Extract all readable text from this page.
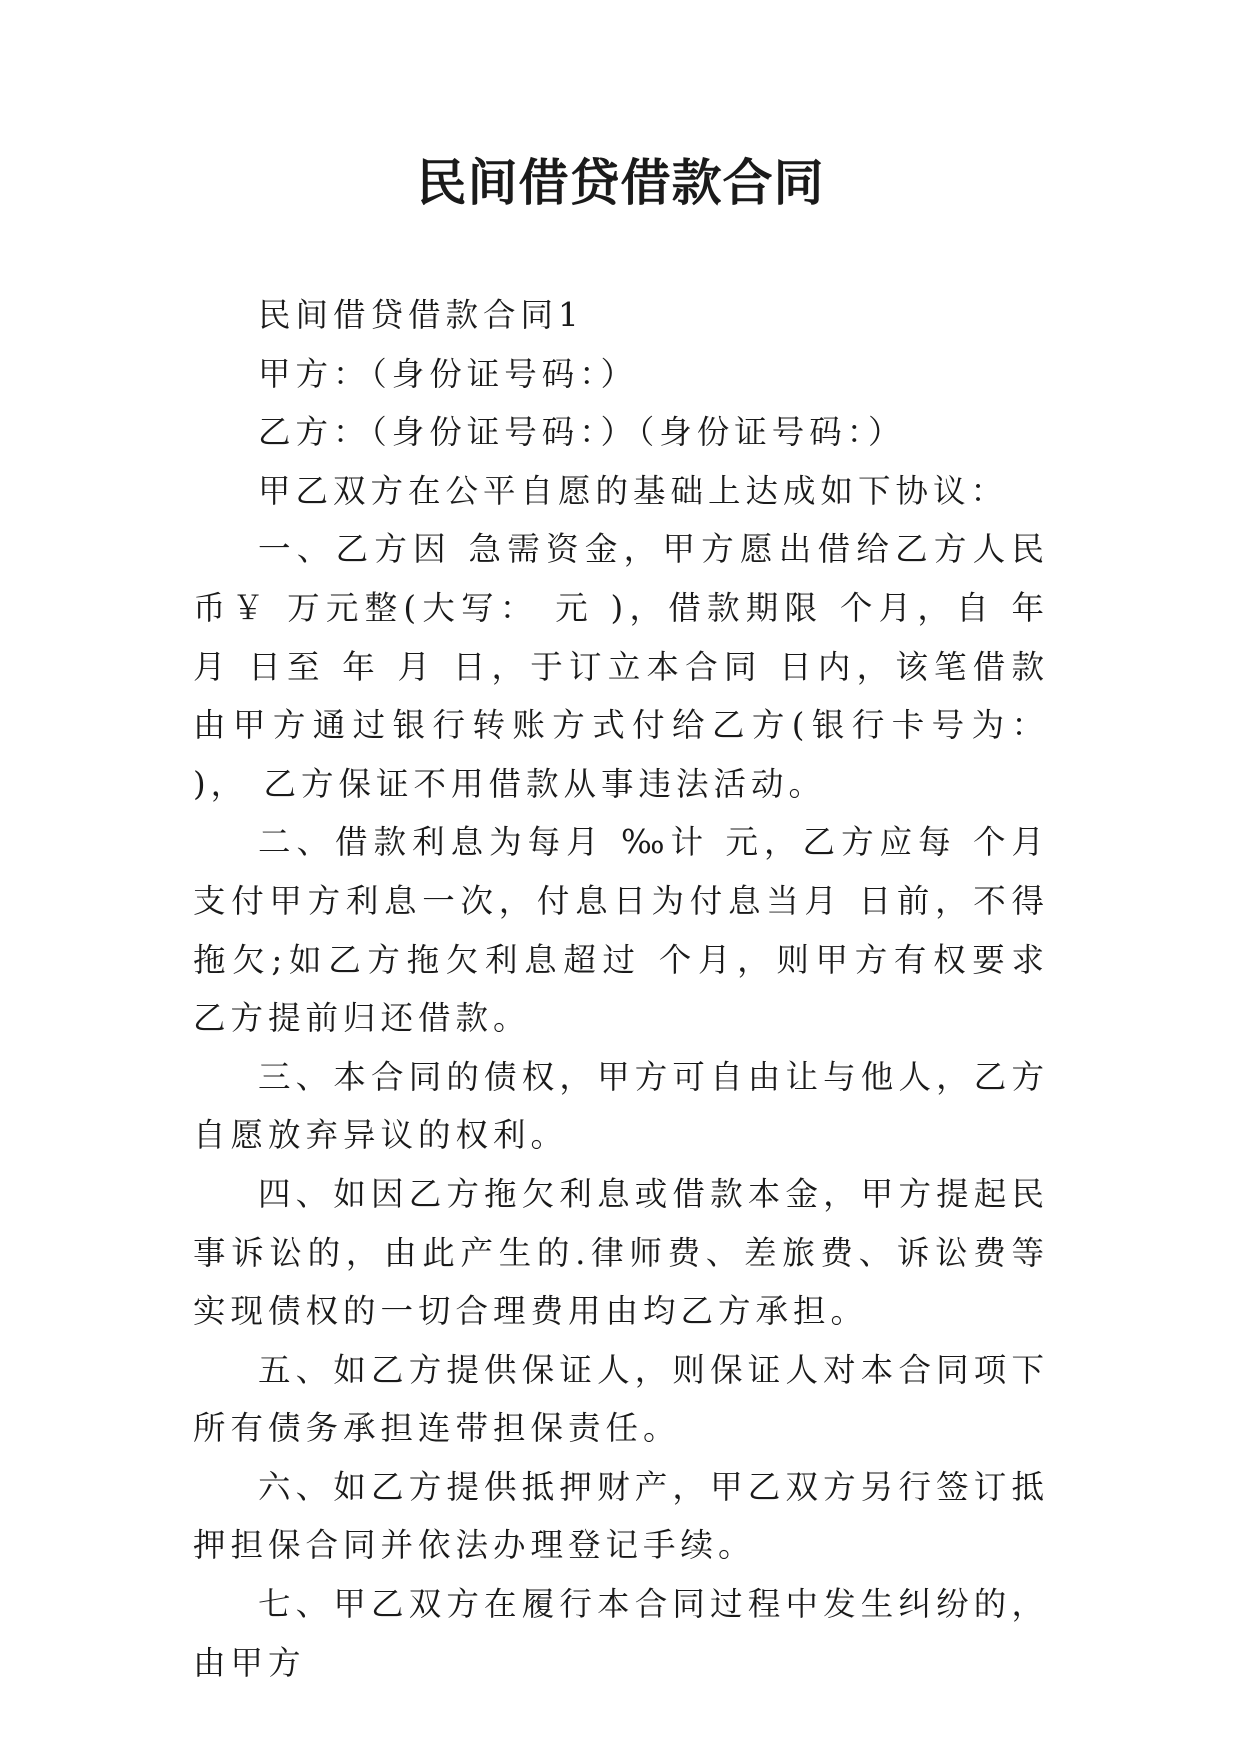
民间借贷借款合同

民间借贷借款合同1

甲方：（身份证号码：）

乙方：（身份证号码：）（身份证号码：）

甲乙双方在公平自愿的基础上达成如下协议：

一、乙方因 急需资金，甲方愿出借给乙方人民币￥ 万元整(大写： 元 )，借款期限 个月，自 年 月 日至 年 月 日，于订立本合同 日内，该笔借款由甲方通过银行转账方式付给乙方(银行卡号为： )， 乙方保证不用借款从事违法活动。

二、借款利息为每月 ‰计 元，乙方应每 个月支付甲方利息一次，付息日为付息当月 日前，不得拖欠;如乙方拖欠利息超过 个月，则甲方有权要求乙方提前归还借款。

三、本合同的债权，甲方可自由让与他人，乙方自愿放弃异议的权利。

四、如因乙方拖欠利息或借款本金，甲方提起民事诉讼的，由此产生的.律师费、差旅费、诉讼费等实现债权的一切合理费用由均乙方承担。

五、如乙方提供保证人，则保证人对本合同项下所有债务承担连带担保责任。

六、如乙方提供抵押财产，甲乙双方另行签订抵押担保合同并依法办理登记手续。

七、甲乙双方在履行本合同过程中发生纠纷的，由甲方
